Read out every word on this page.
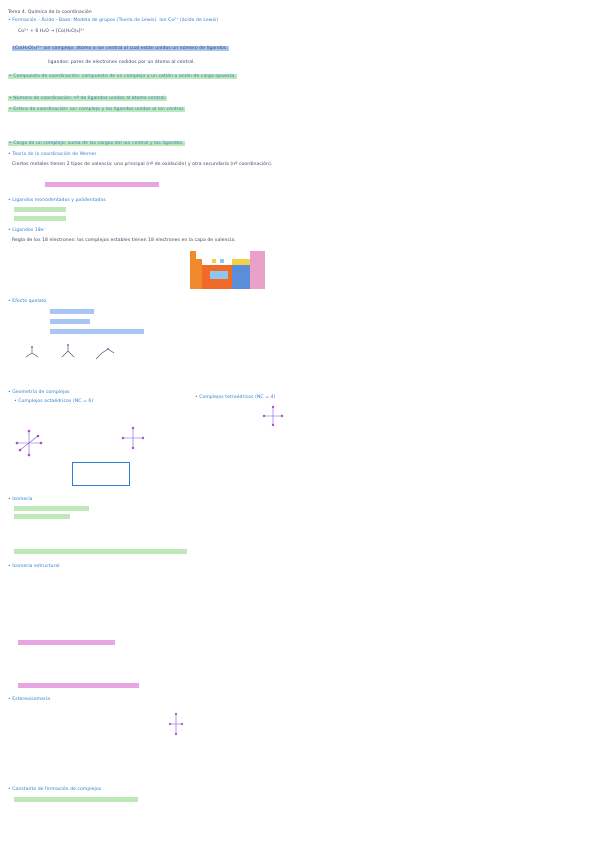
Tema 4. Química de la coordinación
• Formación - Ácido - Base: Modelo de grupos (Teoría de Lewis). Ion Co²⁺ (ácido de Lewis)
Co²⁺ + 6 H₂O → [Co(H₂O)₆]²⁺
(Co(H₂O)₆)²⁺ ion complejo: átomo o ion central al cual están unidos un número de ligandos.
ligandos: pares de electrones cedidos por un átomo al central.
• Compuesto de coordinación: compuesto de un complejo y un catión o anión de carga opuesta.
• Número de coordinación: nº de ligandos unidos al átomo central.
• Esfera de coordinación: ion complejo y los ligandos unidos al ion central.
• Carga de un complejo: suma de las cargas del ion central y los ligandos.
• Teoría de la coordinación de Werner
Ciertos metales tienen 2 tipos de valencia: una principal (nº de oxidación) y otra secundaria (nº coordinación).

• Ligandos monodentados y polidentados

• Ligandos 18e⁻
Regla de los 18 electrones: los complejos estables tienen 18 electrones en la capa de valencia.
• Efecto quelato

• Geometría de complejos
• Complejos octaédricos (NC = 6)
• Complejos tetraédricos (NC = 4)
• Isomería

• Isomería estructural

• Estereoisomería
• Constante de formación de complejos
